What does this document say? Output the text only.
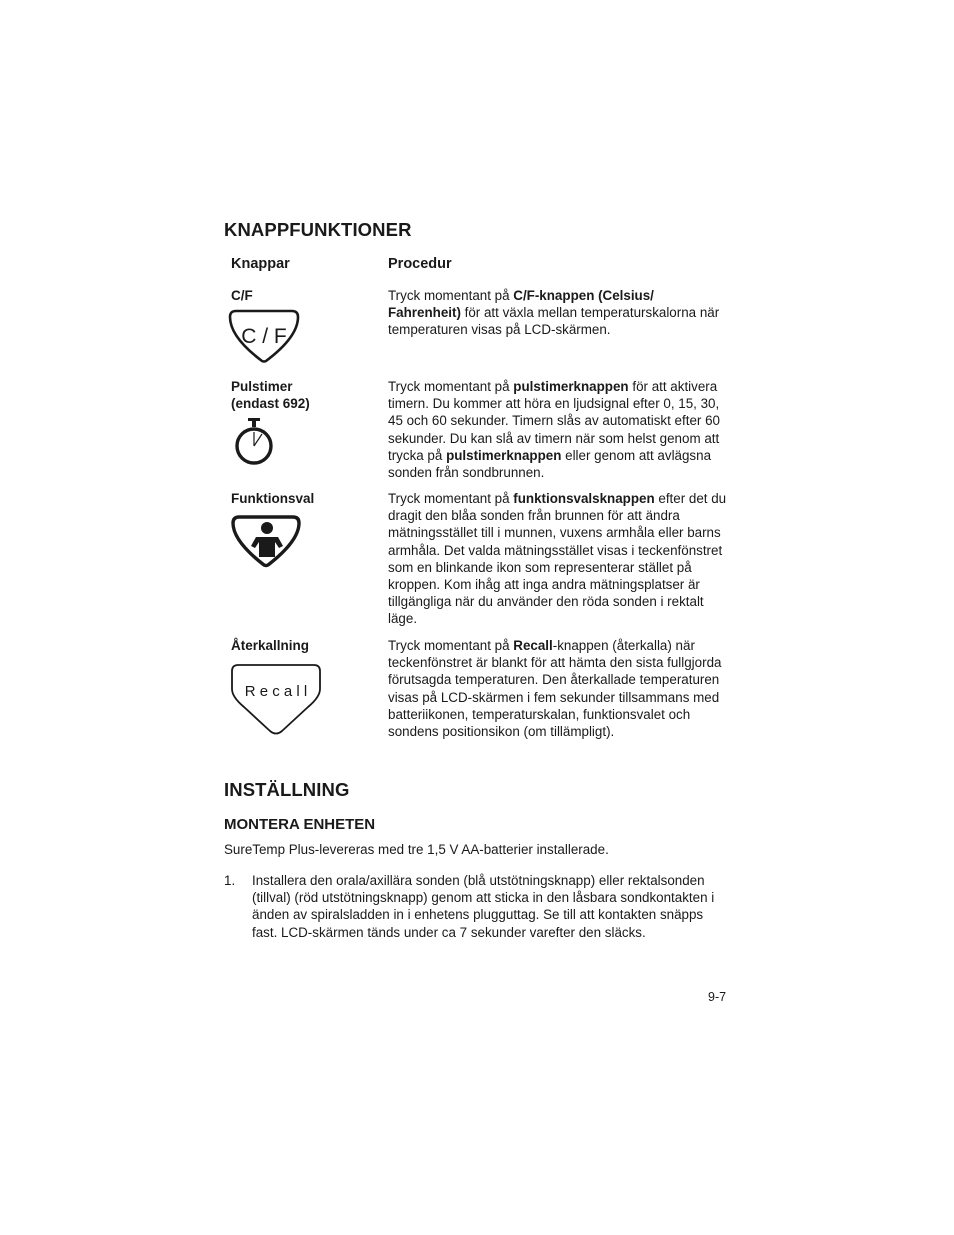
KNAPPFUNKTIONER
Knappar	Procedur
C/F
C / F
Tryck momentant på C/F-knappen (Celsius/ Fahrenheit) för att växla mellan temperaturskalorna när temperaturen visas på LCD-skärmen.
Pulstimer (endast 692)
Tryck momentant på pulstimerknappen för att aktivera timern. Du kommer att höra en ljudsignal efter 0, 15, 30, 45 och 60 sekunder. Timern slås av automatiskt efter 60 sekunder. Du kan slå av timern när som helst genom att trycka på pulstimerknappen eller genom att avlägsna sonden från sondbrunnen.
Funktionsval	Tryck momentant på funktionsvalsknappen efter det du dragit den blåa sonden från brunnen för att ändra mätningsstället till i munnen, vuxens armhåla eller barns armhåla. Det valda mätningsstället visas i teckenfönstret som en blinkande ikon som representerar stället på kroppen. Kom ihåg att inga andra mätningsplatser är tillgängliga när du använder den röda sonden i rektalt läge.
Återkallning
R e c a l l
Tryck momentant på Recall-knappen (återkalla) när teckenfönstret är blankt för att hämta den sista fullgjorda förutsagda temperaturen. Den återkallade temperaturen visas på LCD-skärmen i fem sekunder tillsammans med batteriikonen, temperaturskalan, funktionsvalet och sondens positionsikon (om tillämpligt).
INSTÄLLNING
MONTERA ENHETEN
SureTemp Plus-levereras med tre 1,5 V AA-batterier installerade.
1. Installera den orala/axillära sonden (blå utstötningsknapp) eller rektalsonden (tillval) (röd utstötningsknapp) genom att sticka in den låsbara sondkontakten i änden av spiralsladden in i enhetens plugguttag. Se till att kontakten snäpps fast. LCD-skärmen tänds under ca 7 sekunder varefter den släcks.
9-7
